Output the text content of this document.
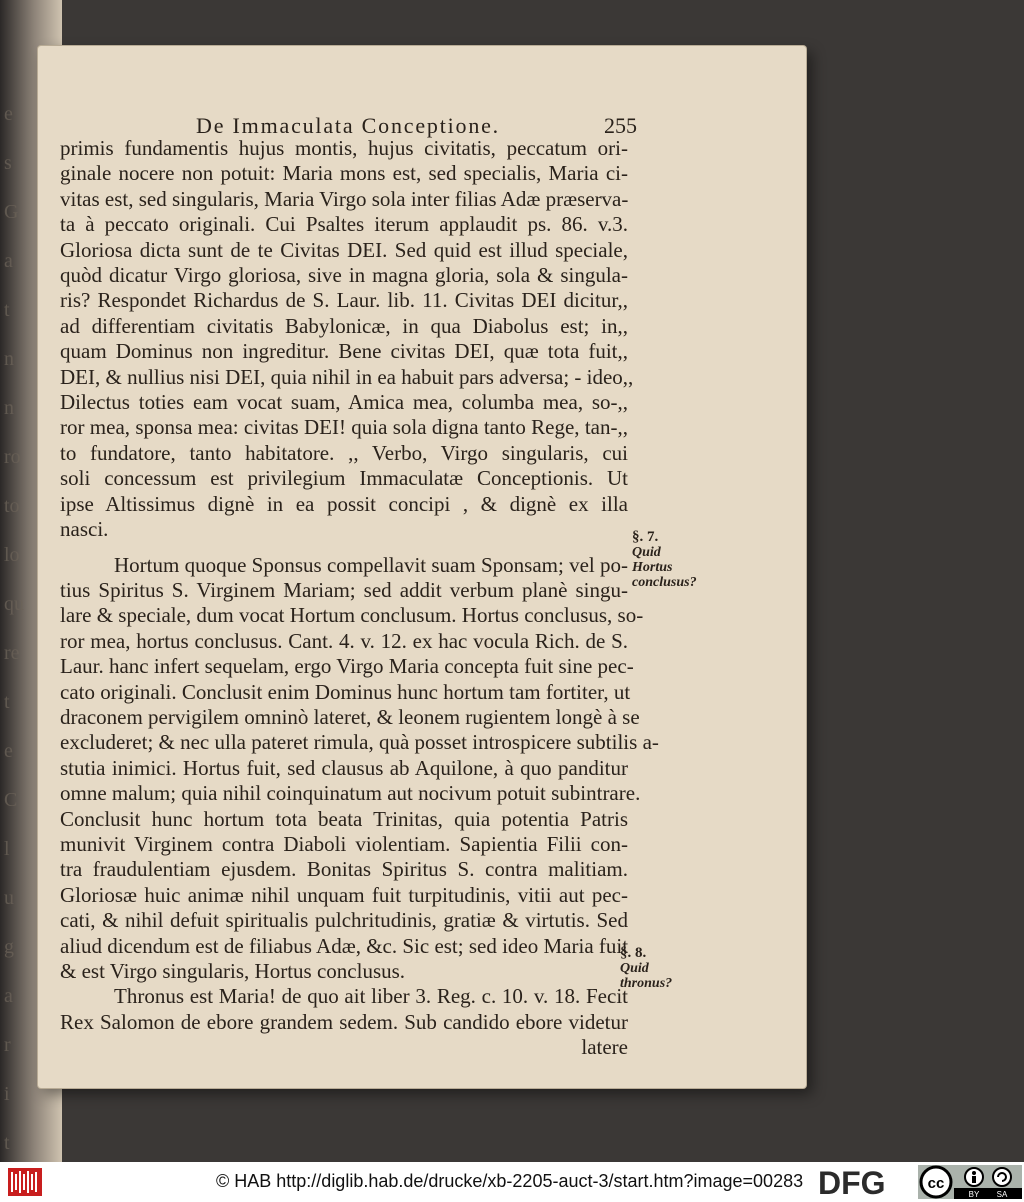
e
s
G
a
t
n
n
ro
to
lo
qu
re
t
e
C
l
u
g
a
r
i
t
De Immaculata Conceptione.	255
primis fundamentis hujus montis, hujus civitatis, peccatum ori-
ginale nocere non potuit: Maria mons est, sed specialis, Maria ci-
vitas est, sed singularis, Maria Virgo sola inter filias Adæ præserva-
ta à peccato originali. Cui Psaltes iterum applaudit ps. 86. v.3.
Gloriosa dicta sunt de te Civitas DEI. Sed quid est illud speciale,
quòd dicatur Virgo gloriosa, sive in magna gloria, sola & singula-
ris? Respondet Richardus de S. Laur. lib. 11. Civitas DEI dicitur,,
ad differentiam civitatis Babylonicæ, in qua Diabolus est; in,,
quam Dominus non ingreditur. Bene civitas DEI, quæ tota fuit,,
DEI, & nullius nisi DEI, quia nihil in ea habuit pars adversa; - ideo,,
Dilectus toties eam vocat suam, Amica mea, columba mea, so-,,
ror mea, sponsa mea: civitas DEI! quia sola digna tanto Rege, tan-,,
to fundatore, tanto habitatore. ,, Verbo, Virgo singularis, cui
soli concessum est privilegium Immaculatæ Conceptionis. Ut
ipse Altissimus dignè in ea possit concipi , & dignè ex illa
nasci.
Hortum quoque Sponsus compellavit suam Sponsam; vel po-
tius Spiritus S. Virginem Mariam; sed addit verbum planè singu-
lare & speciale, dum vocat Hortum conclusum. Hortus conclusus, so-
ror mea, hortus conclusus. Cant. 4. v. 12. ex hac vocula Rich. de S.
Laur. hanc infert sequelam, ergo Virgo Maria concepta fuit sine pec-
cato originali. Conclusit enim Dominus hunc hortum tam fortiter, ut
draconem pervigilem omninò lateret, & leonem rugientem longè à se
excluderet; & nec ulla pateret rimula, quà posset introspicere subtilis a-
stutia inimici. Hortus fuit, sed clausus ab Aquilone, à quo panditur
omne malum; quia nihil coinquinatum aut nocivum potuit subintrare.
Conclusit hunc hortum tota beata Trinitas, quia potentia Patris
munivit Virginem contra Diaboli violentiam. Sapientia Filii con-
tra fraudulentiam ejusdem. Bonitas Spiritus S. contra malitiam.
Gloriosæ huic animæ nihil unquam fuit turpitudinis, vitii aut pec-
cati, & nihil defuit spiritualis pulchritudinis, gratiæ & virtutis. Sed
aliud dicendum est de filiabus Adæ, &c. Sic est; sed ideo Maria fuit
& est Virgo singularis, Hortus conclusus.
Thronus est Maria! de quo ait liber 3. Reg. c. 10. v. 18. Fecit
Rex Salomon de ebore grandem sedem. Sub candido ebore videtur
latere
§. 7.
Quid Hortus conclusus?
§. 8.
Quid thronus?
© HAB http://diglib.hab.de/drucke/xb-2205-auct-3/start.htm?image=00283 DFG	cc
BY SA
